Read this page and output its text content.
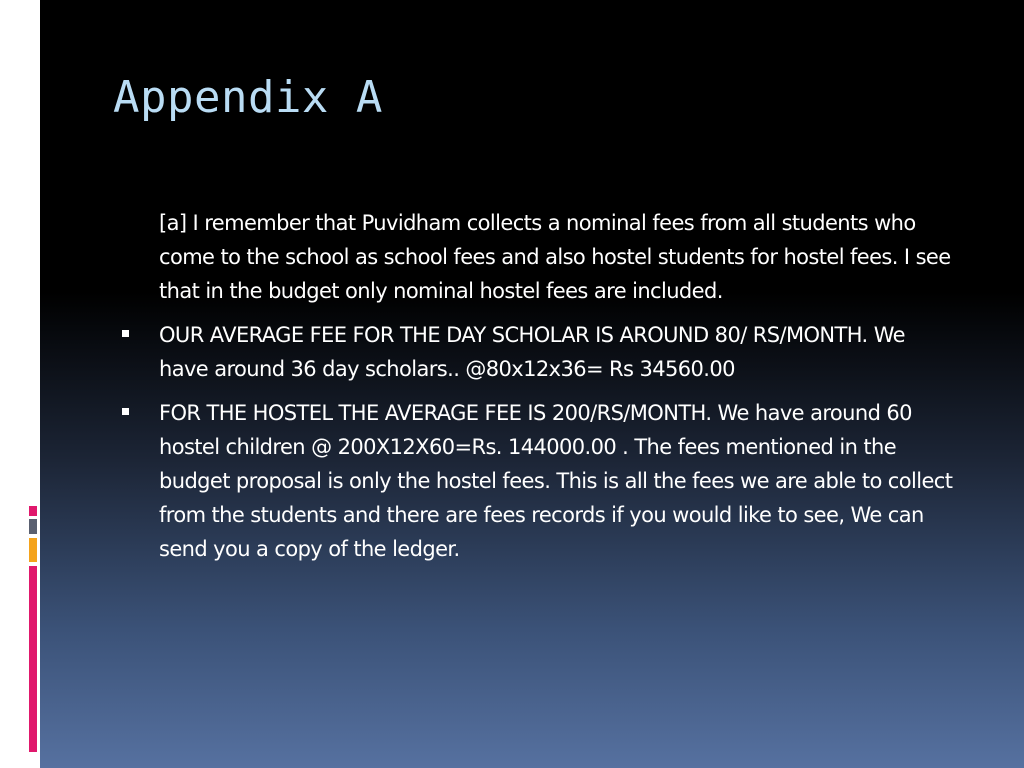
Appendix A

[a] I remember that Puvidham collects a nominal fees from all students who come to the school as school fees and also hostel students for hostel fees. I see that in the budget only nominal hostel fees are included.

OUR AVERAGE FEE FOR THE DAY SCHOLAR IS AROUND 80/ RS/MONTH. We have around 36 day scholars.. @80x12x36= Rs 34560.00

FOR THE HOSTEL THE AVERAGE FEE IS 200/RS/MONTH. We have around 60 hostel children @ 200X12X60=Rs. 144000.00 . The fees mentioned in the budget proposal is only the hostel fees. This is all the fees we are able to collect from the students and there are fees records if you would like to see, We can send you a copy of the ledger.
